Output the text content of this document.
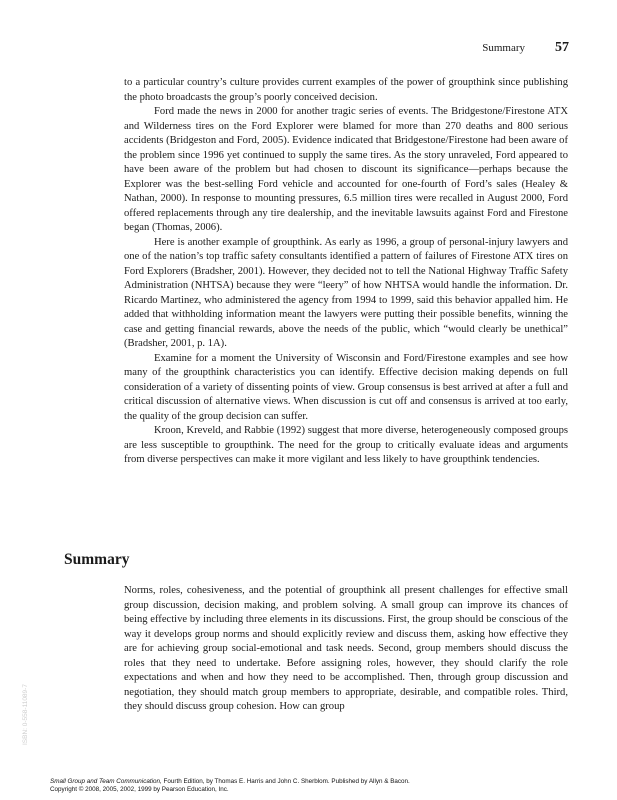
Summary 57

to a particular country’s culture provides current examples of the power of groupthink since publishing the photo broadcasts the group’s poorly conceived decision.

Ford made the news in 2000 for another tragic series of events. The Bridgestone/Firestone ATX and Wilderness tires on the Ford Explorer were blamed for more than 270 deaths and 800 serious accidents (Bridgeston and Ford, 2005). Evidence indicated that Bridgestone/Firestone had been aware of the problem since 1996 yet continued to supply the same tires. As the story unraveled, Ford appeared to have been aware of the problem but had chosen to discount its significance—perhaps because the Explorer was the best-selling Ford vehicle and accounted for one-fourth of Ford’s sales (Healey & Nathan, 2000). In response to mounting pressures, 6.5 million tires were recalled in August 2000, Ford offered replacements through any tire dealership, and the inevitable lawsuits against Ford and Firestone began (Thomas, 2006).

Here is another example of groupthink. As early as 1996, a group of personal-injury lawyers and one of the nation’s top traffic safety consultants identified a pattern of failures of Firestone ATX tires on Ford Explorers (Bradsher, 2001). However, they decided not to tell the National Highway Traffic Safety Administration (NHTSA) because they were “leery” of how NHTSA would handle the information. Dr. Ricardo Martinez, who administered the agency from 1994 to 1999, said this behavior appalled him. He added that withholding information meant the lawyers were putting their possible benefits, winning the case and getting financial rewards, above the needs of the public, which “would clearly be unethical” (Bradsher, 2001, p. 1A).

Examine for a moment the University of Wisconsin and Ford/Firestone examples and see how many of the groupthink characteristics you can identify. Effective decision making depends on full consideration of a variety of dissenting points of view. Group consensus is best arrived at after a full and critical discussion of alternative views. When discussion is cut off and consensus is arrived at too early, the quality of the group decision can suffer.

Kroon, Kreveld, and Rabbie (1992) suggest that more diverse, heterogeneously composed groups are less susceptible to groupthink. The need for the group to critically evaluate ideas and arguments from diverse perspectives can make it more vigilant and less likely to have groupthink tendencies.

Summary

Norms, roles, cohesiveness, and the potential of groupthink all present challenges for effective small group discussion, decision making, and problem solving. A small group can improve its chances of being effective by including three elements in its discussions. First, the group should be conscious of the way it develops group norms and should explicitly review and discuss them, asking how effective they are for achieving group social-emotional and task needs. Second, group members should discuss the roles that they need to undertake. Before assigning roles, however, they should clarify the role expectations and when and how they need to be accomplished. Then, through group discussion and negotiation, they should match group members to appropriate, desirable, and compatible roles. Third, they should discuss group cohesion. How can group

ISBN: 0-558-11089-7
Small Group and Team Communication, Fourth Edition, by Thomas E. Harris and John C. Sherblom. Published by Allyn & Bacon.
Copyright © 2008, 2005, 2002, 1999 by Pearson Education, Inc.
